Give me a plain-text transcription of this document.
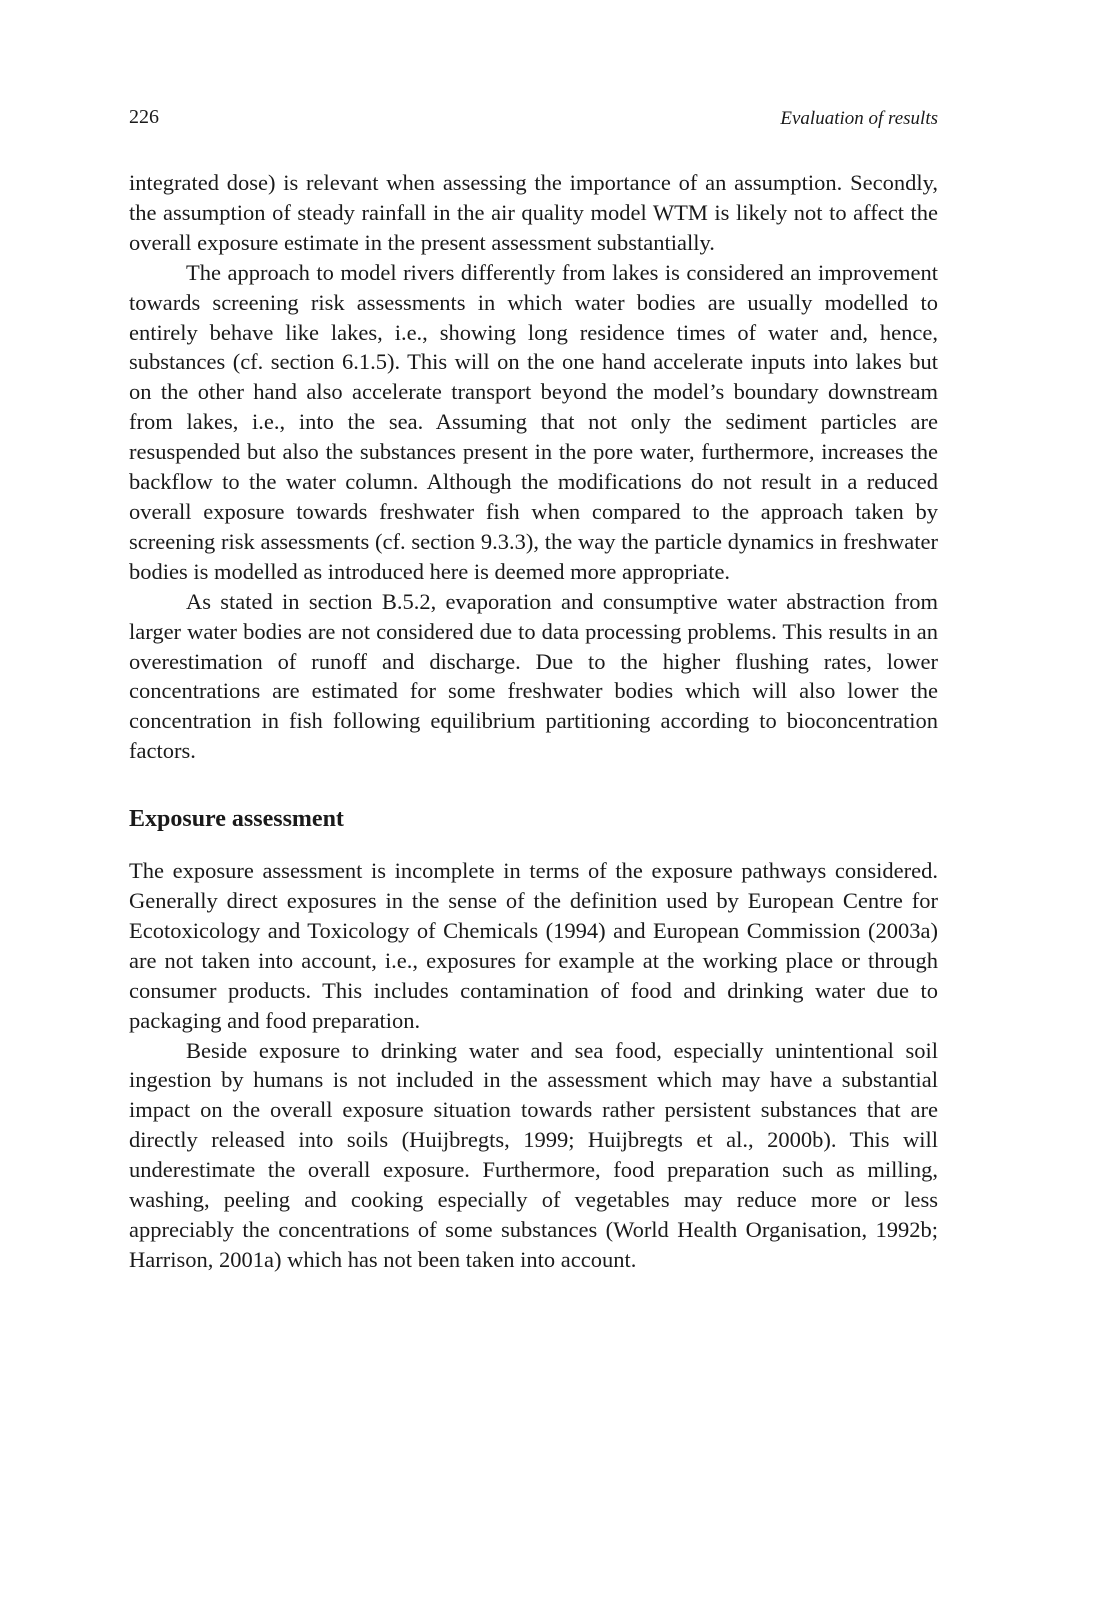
226	Evaluation of results

integrated dose) is relevant when assessing the importance of an assumption. Secondly, the assumption of steady rainfall in the air quality model WTM is likely not to affect the overall exposure estimate in the present assessment substantially.

The approach to model rivers differently from lakes is considered an improvement towards screening risk assessments in which water bodies are usually modelled to entirely behave like lakes, i.e., showing long residence times of water and, hence, substances (cf. section 6.1.5). This will on the one hand accelerate inputs into lakes but on the other hand also accelerate transport beyond the model’s boundary downstream from lakes, i.e., into the sea. Assuming that not only the sediment particles are resuspended but also the substances present in the pore water, furthermore, increases the backflow to the water column. Although the modifications do not result in a reduced overall exposure towards freshwater fish when compared to the approach taken by screening risk assessments (cf. section 9.3.3), the way the particle dynamics in freshwater bodies is modelled as introduced here is deemed more appropriate.

As stated in section B.5.2, evaporation and consumptive water abstraction from larger water bodies are not considered due to data processing problems. This results in an overestimation of runoff and discharge. Due to the higher flushing rates, lower concentrations are estimated for some freshwater bodies which will also lower the concentration in fish following equilibrium partitioning according to bioconcentration factors.

Exposure assessment

The exposure assessment is incomplete in terms of the exposure pathways considered. Generally direct exposures in the sense of the definition used by European Centre for Ecotoxicology and Toxicology of Chemicals (1994) and European Commission (2003a) are not taken into account, i.e., exposures for example at the working place or through consumer products. This includes contamination of food and drinking water due to packaging and food preparation.

Beside exposure to drinking water and sea food, especially unintentional soil ingestion by humans is not included in the assessment which may have a substantial impact on the overall exposure situation towards rather persistent substances that are directly released into soils (Huijbregts, 1999; Huijbregts et al., 2000b). This will underestimate the overall exposure. Furthermore, food preparation such as milling, washing, peeling and cooking especially of vegetables may reduce more or less appreciably the concentrations of some substances (World Health Organisation, 1992b; Harrison, 2001a) which has not been taken into account.
